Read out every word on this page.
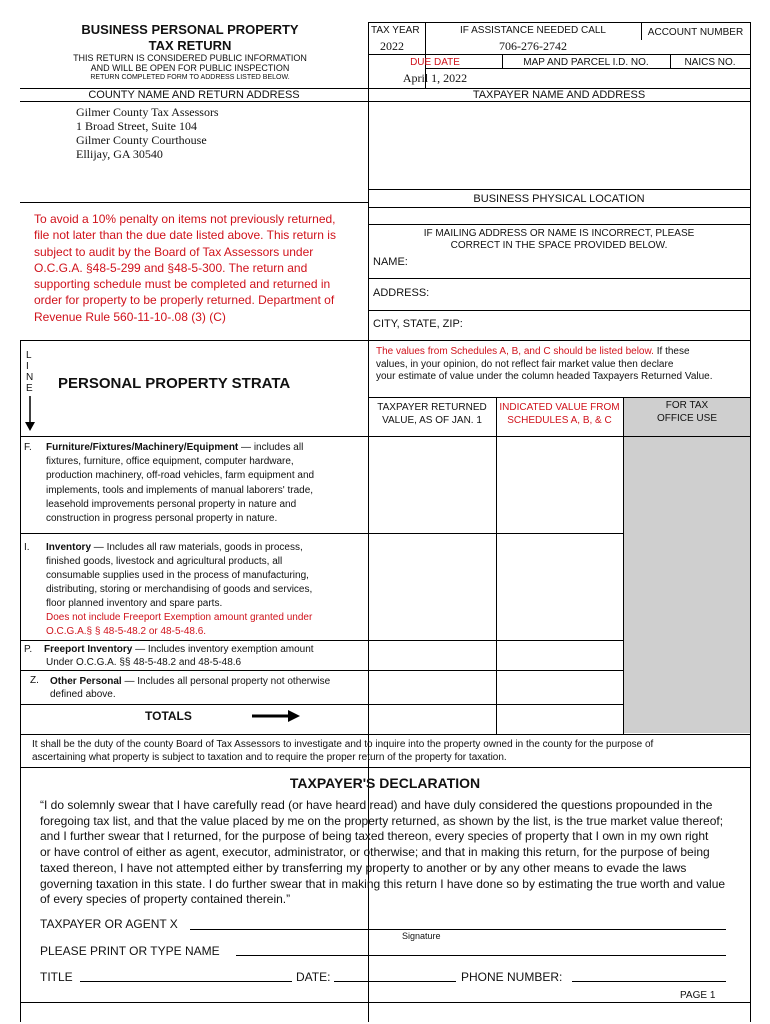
BUSINESS PERSONAL PROPERTY
TAX RETURN
THIS RETURN IS CONSIDERED PUBLIC INFORMATION
AND WILL BE OPEN FOR PUBLIC INSPECTION
RETURN COMPLETED FORM TO ADDRESS LISTED BELOW.
TAX YEAR
2022
IF ASSISTANCE NEEDED CALL
706-276-2742
ACCOUNT NUMBER
DUE DATE
April 1, 2022
MAP AND PARCEL I.D. NO.	NAICS NO.
COUNTY NAME AND RETURN ADDRESS
Gilmer County Tax Assessors
1 Broad Street, Suite 104
Gilmer County Courthouse
Ellijay, GA 30540
TAXPAYER NAME AND ADDRESS
BUSINESS PHYSICAL LOCATION
IF MAILING ADDRESS OR NAME IS INCORRECT, PLEASE
CORRECT IN THE SPACE PROVIDED BELOW.
NAME:
ADDRESS:
CITY, STATE, ZIP:
To avoid a 10% penalty on items not previously returned,
file not later than the due date listed above. This return is
subject to audit by the Board of Tax Assessors under
O.C.G.A. §48-5-299 and §48-5-300. The return and
supporting schedule must be completed and returned in
order for property to be properly returned. Department of
Revenue Rule 560-11-10-.08 (3) (C)
L
I
N
E PERSONAL PROPERTY STRATA
The values from Schedules A, B, and C should be listed below. If these
values, in your opinion, do not reflect fair market value then declare
your estimate of value under the column headed Taxpayers Returned Value.
TAXPAYER RETURNED
VALUE, AS OF JAN. 1
INDICATED VALUE FROM
SCHEDULES A, B, & C
FOR TAX
OFFICE USE
F. Furniture/Fixtures/Machinery/Equipment — includes all
fixtures, furniture, office equipment, computer hardware,
production machinery, off-road vehicles, farm equipment and
implements, tools and implements of manual laborers' trade,
leasehold improvements personal property in nature and
construction in progress personal property in nature.
I. Inventory — Includes all raw materials, goods in process,
finished goods, livestock and agricultural products, all
consumable supplies used in the process of manufacturing,
distributing, storing or merchandising of goods and services,
floor planned inventory and spare parts.
Does not include Freeport Exemption amount granted under
O.C.G.A.§ § 48-5-48.2 or 48-5-48.6.
P. Freeport Inventory — Includes inventory exemption amount
Under O.C.G.A. §§ 48-5-48.2 and 48-5-48.6
Z. Other Personal — Includes all personal property not otherwise
defined above.
TOTALS
It shall be the duty of the county Board of Tax Assessors to investigate and to inquire into the property owned in the county for the purpose of
ascertaining what property is subject to taxation and to require the proper return of the property for taxation.
TAXPAYER'S DECLARATION
“I do solemnly swear that I have carefully read (or have heard read) and have duly considered the questions propounded in the
foregoing tax list, and that the value placed by me on the property returned, as shown by the list, is the true market value thereof;
and I further swear that I returned, for the purpose of being taxed thereon, every species of property that I own in my own right
or have control of either as agent, executor, administrator, or otherwise; and that in making this return, for the purpose of being
taxed thereon, I have not attempted either by transferring my property to another or by any other means to evade the laws
governing taxation in this state. I do further swear that in making this return I have done so by estimating the true worth and value
of every species of property contained therein.”
TAXPAYER OR AGENT X
Signature
PLEASE PRINT OR TYPE NAME
TITLE	DATE:	PHONE NUMBER:
PAGE 1
